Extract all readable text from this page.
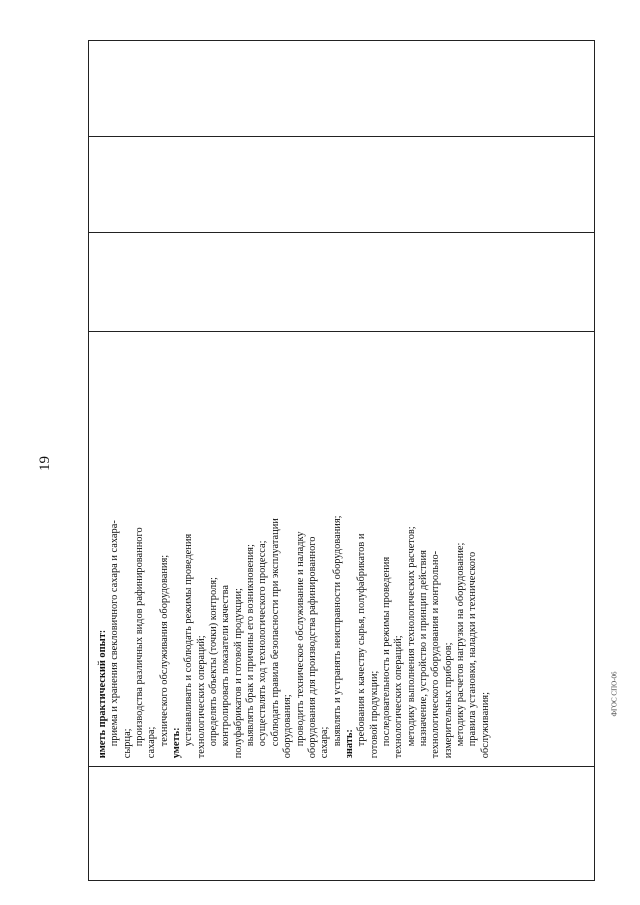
19
ФГОС СПО-06

иметь практический опыт: приема и хранения свекловичного сахара и сахара- сырца; производства различных видов рафинированного сахара; технического обслуживания оборудования; уметь: устанавливать и соблюдать режимы проведения технологических операций; определять объекты (точки) контроля; контролировать показатели качества полуфабрикатов и готовой продукции; выявлять брак и причины его возникновения; осуществлять ход технологического процесса; соблюдать правила безопасности при эксплуатации оборудования; проводить техническое обслуживание и наладку оборудования для производства рафинированного сахара; выявлять и устранять неисправности оборудования; знать: требования к качеству сырья, полуфабрикатов и готовой продукции; последовательность и режимы проведения технологических операций; методику выполнения технологических расчетов; назначение, устройство и принцип действия технологического оборудования и контрольно- измерительных приборов; методику расчетов нагрузки на оборудование; правила установки, наладки и технического обслуживания;
